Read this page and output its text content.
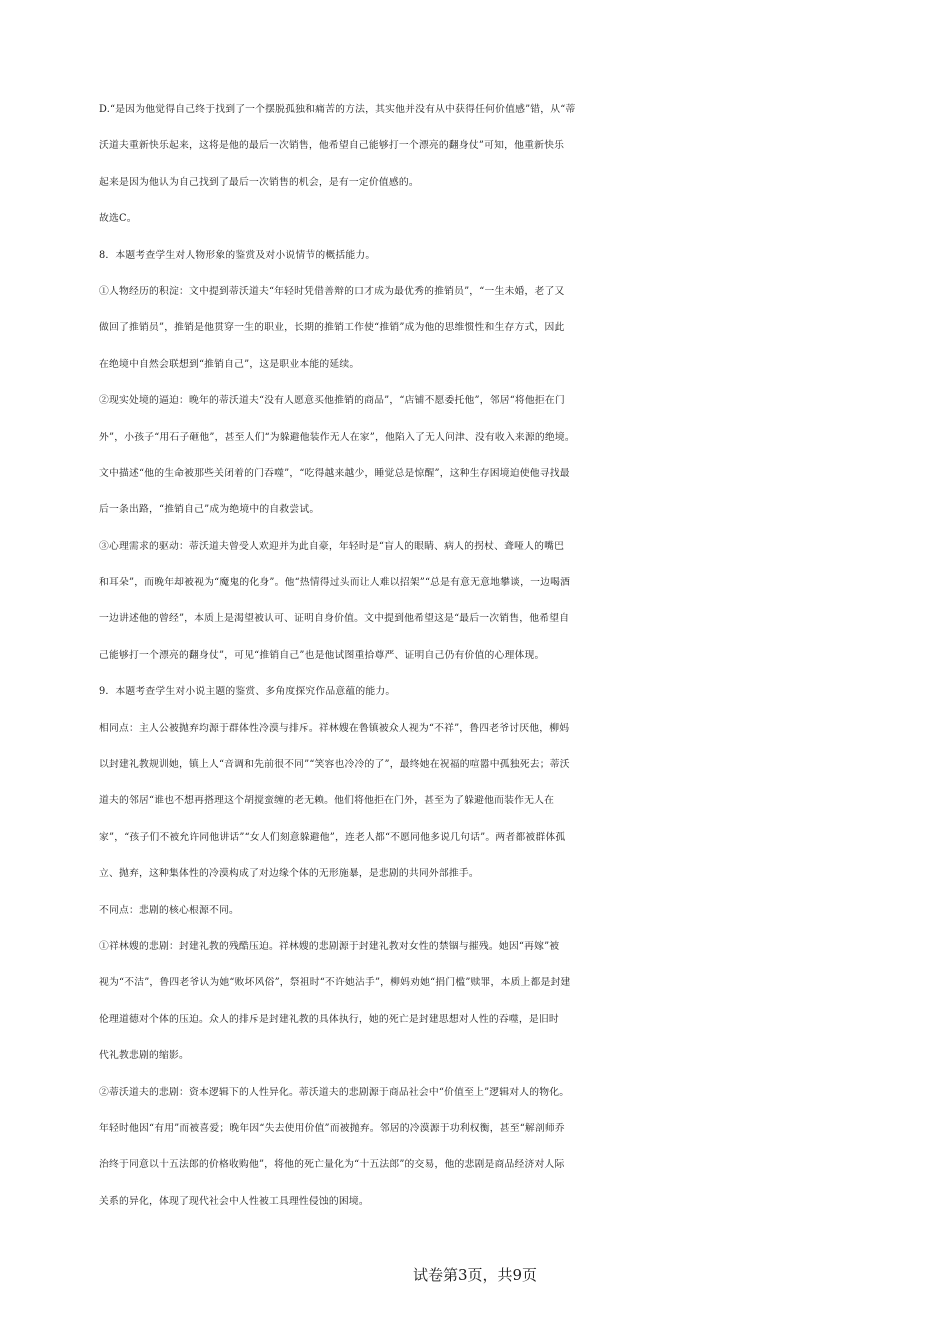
D.“是因为他觉得自己终于找到了一个摆脱孤独和痛苦的方法，其实他并没有从中获得任何价值感”错，从“蒂
沃道夫重新快乐起来，这将是他的最后一次销售，他希望自己能够打一个漂亮的翻身仗”可知，他重新快乐
起来是因为他认为自己找到了最后一次销售的机会，是有一定价值感的。
故选C。
8．本题考查学生对人物形象的鉴赏及对小说情节的概括能力。
①人物经历的积淀：文中提到蒂沃道夫“年轻时凭借善辩的口才成为最优秀的推销员”，“一生未婚，老了又
做回了推销员”，推销是他贯穿一生的职业，长期的推销工作使“推销”成为他的思维惯性和生存方式，因此
在绝境中自然会联想到“推销自己”，这是职业本能的延续。
②现实处境的逼迫：晚年的蒂沃道夫“没有人愿意买他推销的商品”，“店铺不愿委托他”，邻居“将他拒在门
外”，小孩子“用石子砸他”，甚至人们“为躲避他装作无人在家”，他陷入了无人问津、没有收入来源的绝境。
文中描述“他的生命被那些关闭着的门吞噬”，“吃得越来越少，睡觉总是惊醒”，这种生存困境迫使他寻找最
后一条出路，“推销自己”成为绝境中的自救尝试。
③心理需求的驱动：蒂沃道夫曾受人欢迎并为此自豪，年轻时是“盲人的眼睛、病人的拐杖、聋哑人的嘴巴
和耳朵”，而晚年却被视为“魔鬼的化身”。他“热情得过头而让人难以招架”“总是有意无意地攀谈，一边喝酒
一边讲述他的曾经”，本质上是渴望被认可、证明自身价值。文中提到他希望这是“最后一次销售，他希望自
己能够打一个漂亮的翻身仗”，可见“推销自己”也是他试图重拾尊严、证明自己仍有价值的心理体现。
9．本题考查学生对小说主题的鉴赏、多角度探究作品意蕴的能力。
相同点：主人公被抛弃均源于群体性冷漠与排斥。祥林嫂在鲁镇被众人视为“不祥”，鲁四老爷讨厌他，柳妈
以封建礼教规训她，镇上人“音调和先前很不同”“笑容也冷冷的了”，最终她在祝福的喧嚣中孤独死去；蒂沃
道夫的邻居“谁也不想再搭理这个胡搅蛮缠的老无赖。他们将他拒在门外，甚至为了躲避他而装作无人在
家”，“孩子们不被允许同他讲话”“女人们刻意躲避他”，连老人都“不愿同他多说几句话”。两者都被群体孤
立、抛弃，这种集体性的冷漠构成了对边缘个体的无形施暴，是悲剧的共同外部推手。
不同点：悲剧的核心根源不同。
①祥林嫂的悲剧：封建礼教的残酷压迫。祥林嫂的悲剧源于封建礼教对女性的禁锢与摧残。她因“再嫁”被
视为“不洁”，鲁四老爷认为她“败坏风俗”，祭祖时“不许她沾手”，柳妈劝她“捐门槛”赎罪，本质上都是封建
伦理道德对个体的压迫。众人的排斥是封建礼教的具体执行，她的死亡是封建思想对人性的吞噬，是旧时
代礼教悲剧的缩影。
②蒂沃道夫的悲剧：资本逻辑下的人性异化。蒂沃道夫的悲剧源于商品社会中“价值至上”逻辑对人的物化。
年轻时他因“有用”而被喜爱；晚年因“失去使用价值”而被抛弃。邻居的冷漠源于功利权衡，甚至“解剖师乔
治终于同意以十五法郎的价格收购他”，将他的死亡量化为“十五法郎”的交易，他的悲剧是商品经济对人际
关系的异化，体现了现代社会中人性被工具理性侵蚀的困境。
试卷第3页，共9页
